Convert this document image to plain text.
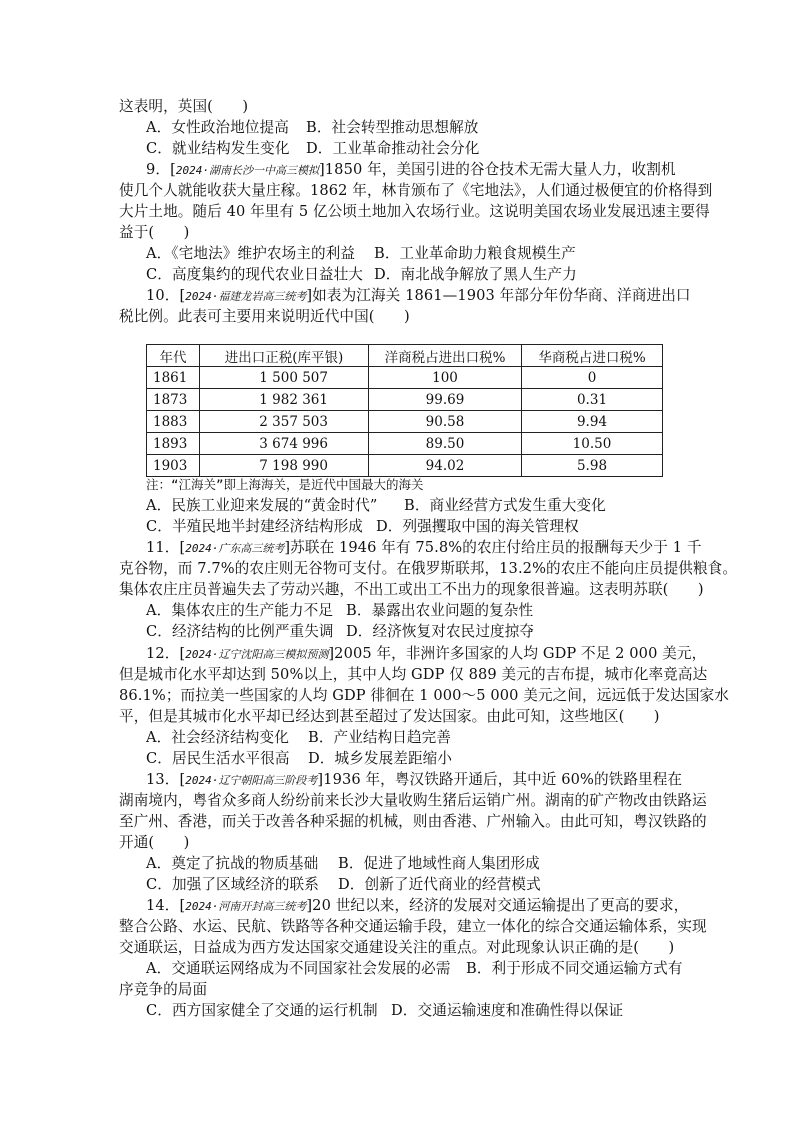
这表明，英国(　　)
A．女性政治地位提高 B．社会转型推动思想解放
C．就业结构发生变化 D．工业革命推动社会分化
9．[2024·湖南长沙一中高三模拟]1850 年，美国引进的谷仓技术无需大量人力，收割机
使几个人就能收获大量庄稼。1862 年，林肯颁布了《宅地法》，人们通过极便宜的价格得到
大片土地。随后 40 年里有 5 亿公顷土地加入农场行业。这说明美国农场业发展迅速主要得
益于(　　)
A．《宅地法》维护农场主的利益 B．工业革命助力粮食规模生产
C．高度集约的现代农业日益壮大 D．南北战争解放了黑人生产力
10．[2024·福建龙岩高三统考]如表为江海关 1861—1903 年部分年份华商、洋商进出口
税比例。此表可主要用来说明近代中国(　　)
年代	进出口正税(库平银)	洋商税占进出口税%	华商税占进口税%
1861	1 500 507	100	0
1873	1 982 361	99.69	0.31
1883	2 357 503	90.58	9.94
1893	3 674 996	89.50	10.50
1903	7 198 990	94.02	5.98
注：“江海关”即上海海关，是近代中国最大的海关
A．民族工业迎来发展的“黄金时代” B．商业经营方式发生重大变化
C．半殖民地半封建经济结构形成 D．列强攫取中国的海关管理权
11．[2024·广东高三统考]苏联在 1946 年有 75.8%的农庄付给庄员的报酬每天少于 1 千
克谷物，而 7.7%的农庄则无谷物可支付。在俄罗斯联邦，13.2%的农庄不能向庄员提供粮食。
集体农庄庄员普遍失去了劳动兴趣，不出工或出工不出力的现象很普遍。这表明苏联(　　)
A．集体农庄的生产能力不足 B．暴露出农业问题的复杂性
C．经济结构的比例严重失调 D．经济恢复对农民过度掠夺
12．[2024·辽宁沈阳高三模拟预测]2005 年，非洲许多国家的人均 GDP 不足 2 000 美元，
但是城市化水平却达到 50%以上，其中人均 GDP 仅 889 美元的吉布提，城市化率竟高达
86.1%；而拉美一些国家的人均 GDP 徘徊在 1 000～5 000 美元之间，远远低于发达国家水
平，但是其城市化水平却已经达到甚至超过了发达国家。由此可知，这些地区(　　)
A．社会经济结构变化 B．产业结构日趋完善
C．居民生活水平很高 D．城乡发展差距缩小
13．[2024·辽宁朝阳高三阶段考]1936 年，粤汉铁路开通后，其中近 60%的铁路里程在
湖南境内，粤省众多商人纷纷前来长沙大量收购生猪后运销广州。湖南的矿产物改由铁路运
至广州、香港，而关于改善各种采掘的机械，则由香港、广州输入。由此可知，粤汉铁路的
开通(　　)
A．奠定了抗战的物质基础 B．促进了地域性商人集团形成
C．加强了区域经济的联系 D．创新了近代商业的经营模式
14．[2024·河南开封高三统考]20 世纪以来，经济的发展对交通运输提出了更高的要求，
整合公路、水运、民航、铁路等各种交通运输手段，建立一体化的综合交通运输体系，实现
交通联运，日益成为西方发达国家交通建设关注的重点。对此现象认识正确的是(　　)
A．交通联运网络成为不同国家社会发展的必需 B．利于形成不同交通运输方式有
序竞争的局面
C．西方国家健全了交通的运行机制 D．交通运输速度和准确性得以保证
